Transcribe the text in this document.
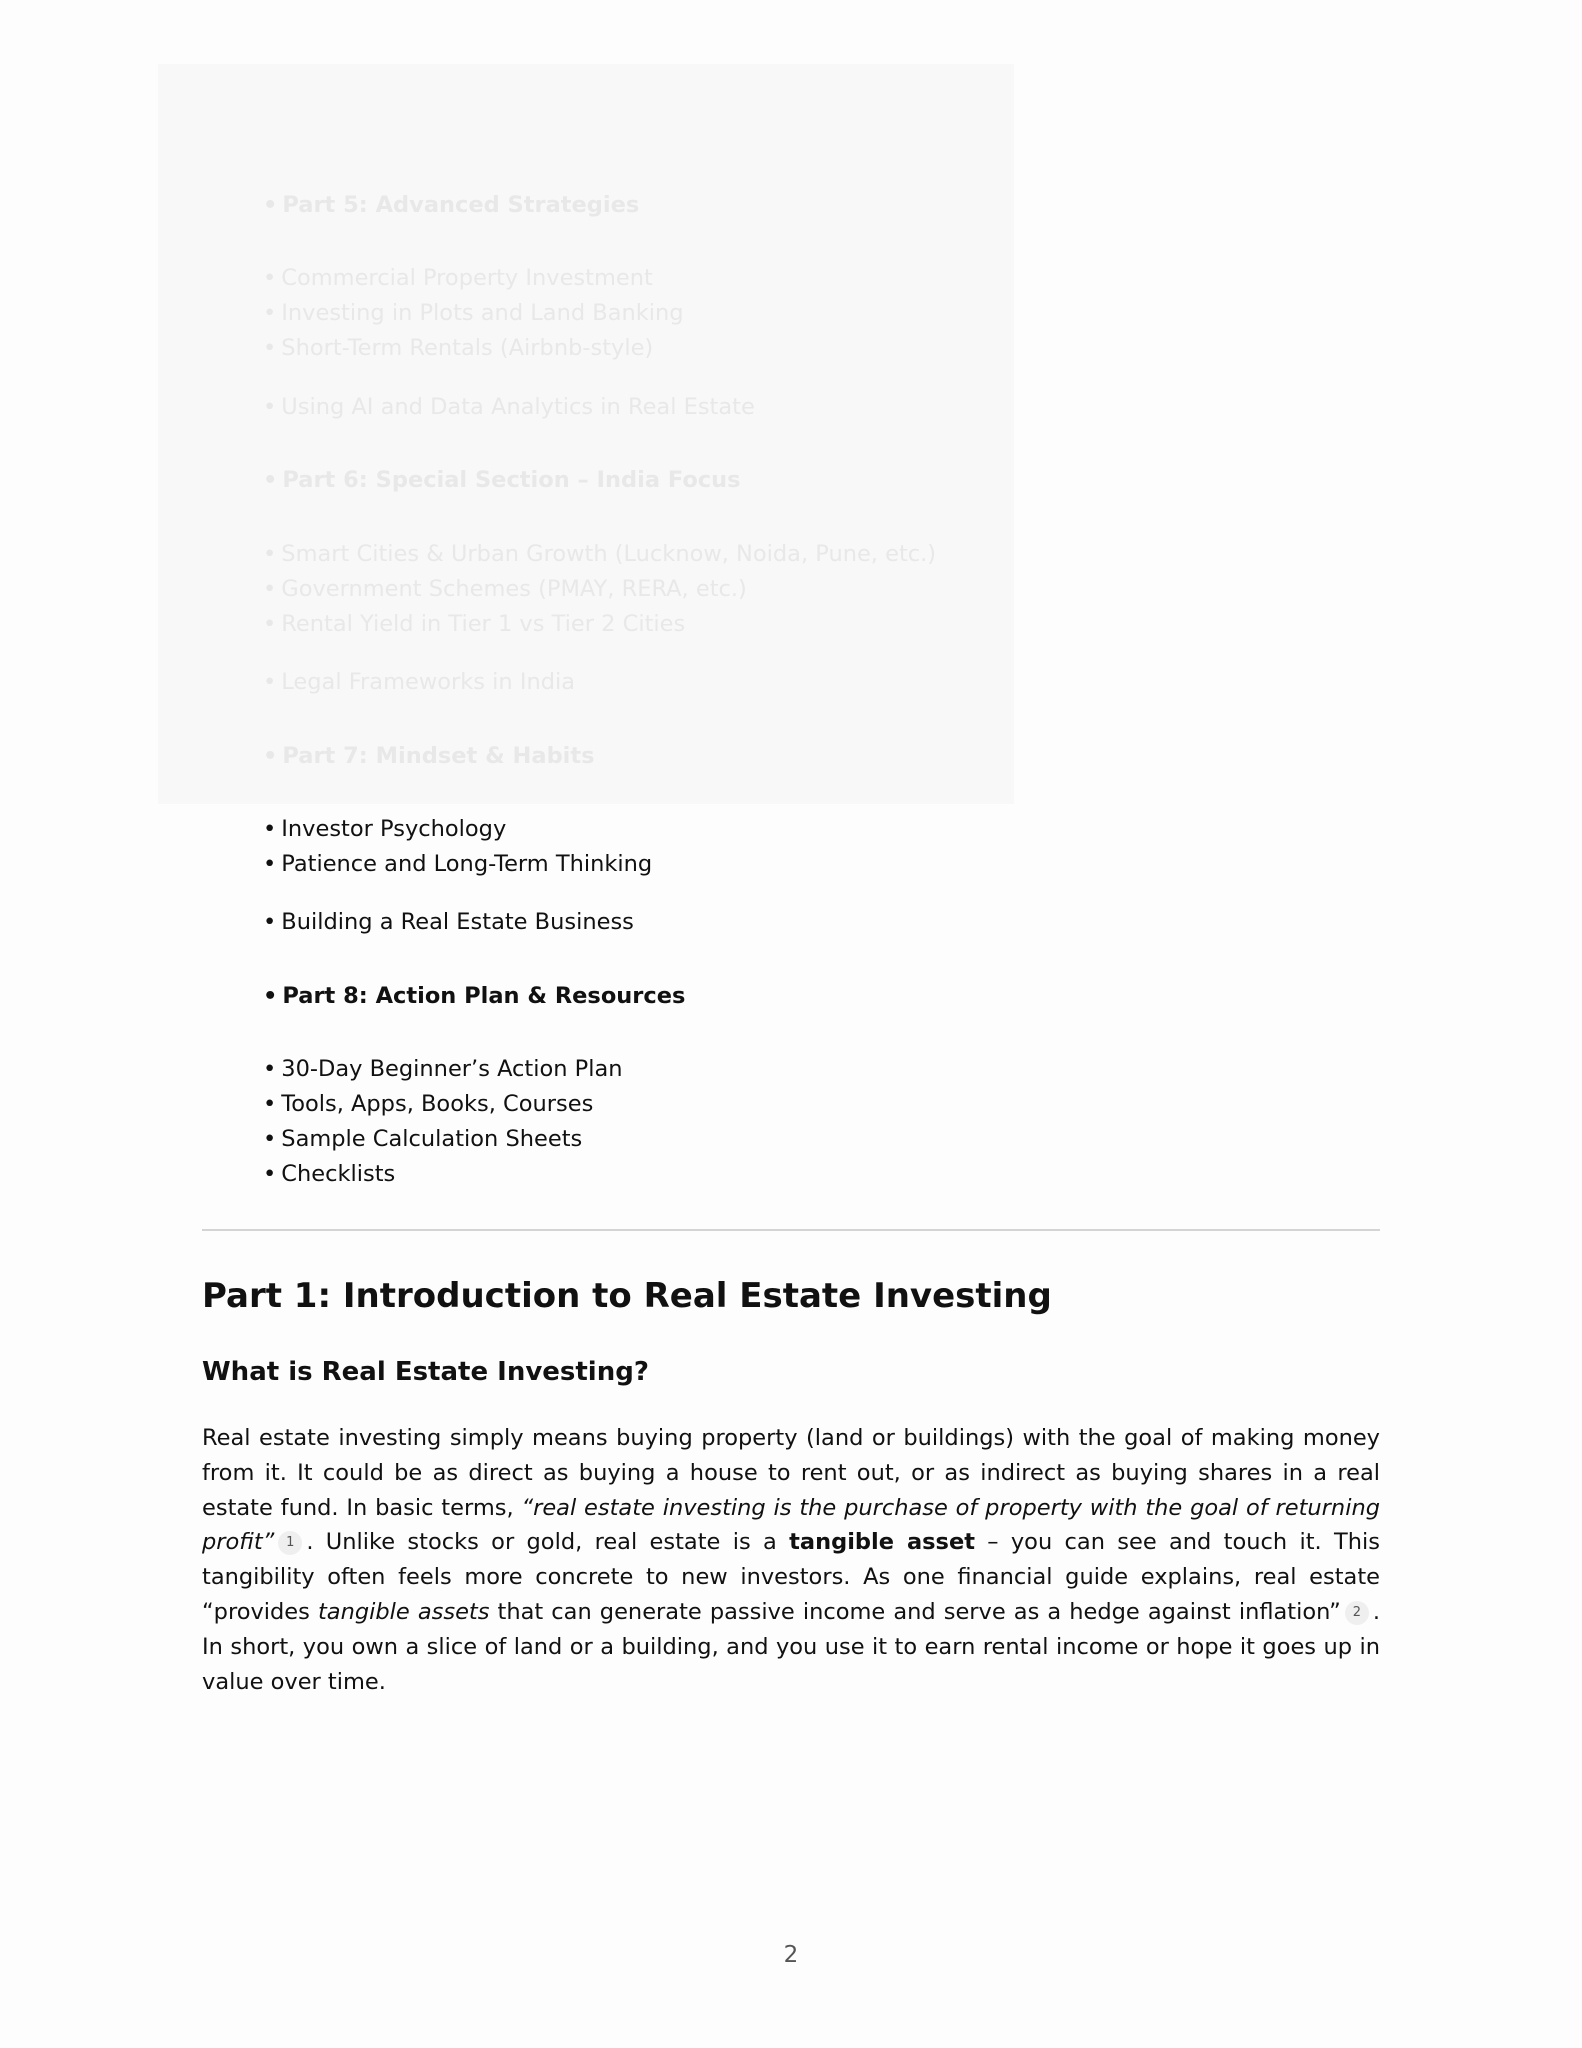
• Part 5: Advanced Strategies
• Commercial Property Investment
• Investing in Plots and Land Banking
• Short-Term Rentals (Airbnb-style)
• Using AI and Data Analytics in Real Estate
• Part 6: Special Section – India Focus
• Smart Cities & Urban Growth (Lucknow, Noida, Pune, etc.)
• Government Schemes (PMAY, RERA, etc.)
• Rental Yield in Tier 1 vs Tier 2 Cities
• Legal Frameworks in India
• Part 7: Mindset & Habits
• Investor Psychology
• Patience and Long-Term Thinking
• Building a Real Estate Business
• Part 8: Action Plan & Resources
• 30-Day Beginner’s Action Plan
• Tools, Apps, Books, Courses
• Sample Calculation Sheets
• Checklists
Part 1: Introduction to Real Estate Investing
What is Real Estate Investing?

Real estate investing simply means buying property (land or buildings) with the goal of making money from it. It could be as direct as buying a house to rent out, or as indirect as buying shares in a real estate fund. In basic terms, “real estate investing is the purchase of property with the goal of returning profit” 1 . Unlike stocks or gold, real estate is a tangible asset – you can see and touch it. This tangibility often feels more concrete to new investors. As one financial guide explains, real estate “provides tangible assets that can generate passive income and serve as a hedge against inflation” 2 . In short, you own a slice of land or a building, and you use it to earn rental income or hope it goes up in value over time.

2
